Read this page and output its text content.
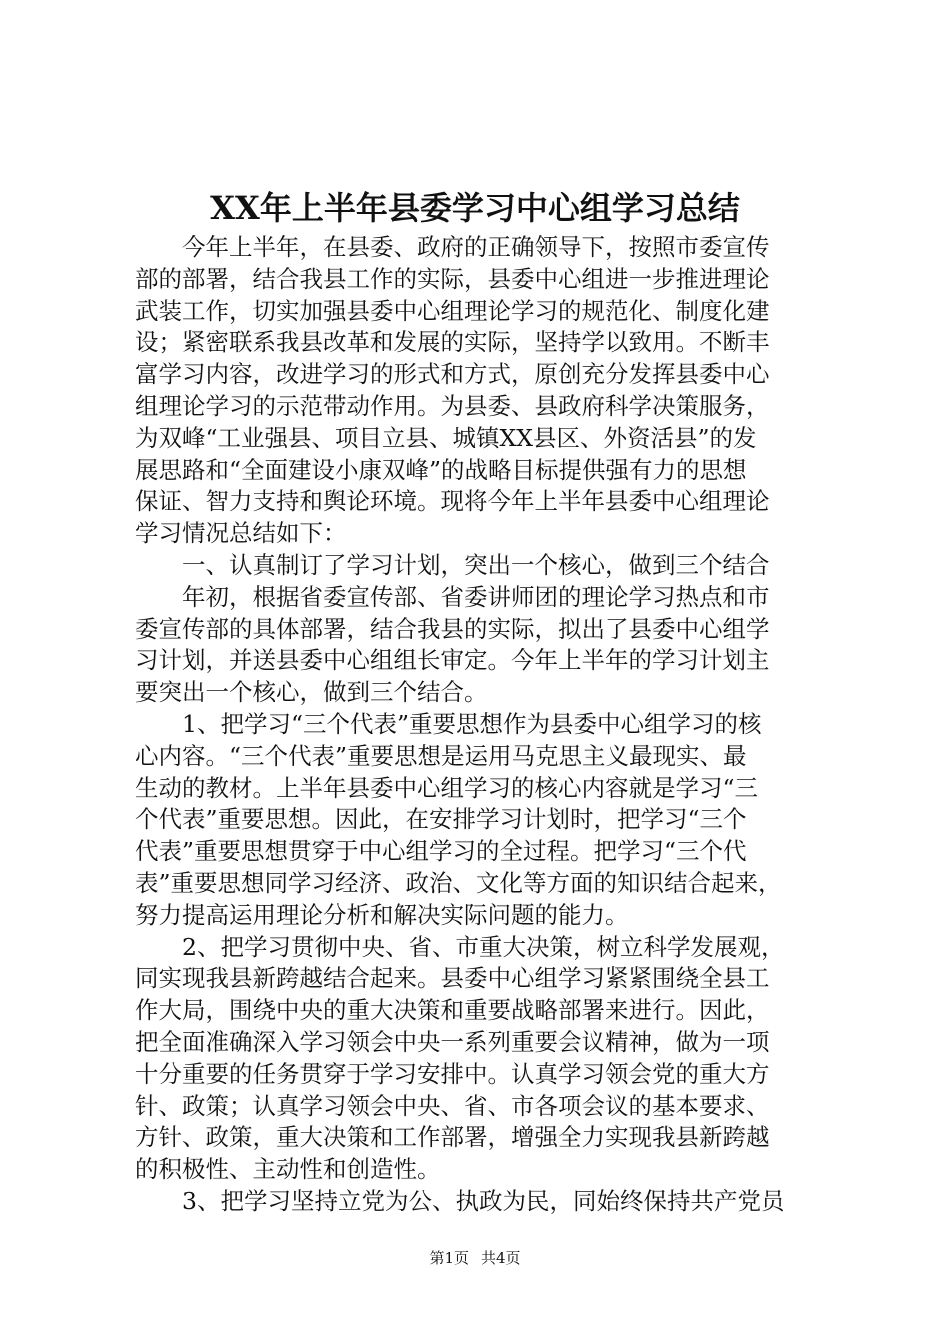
XX年上半年县委学习中心组学习总结
今年上半年，在县委、政府的正确领导下，按照市委宣传
部的部署，结合我县工作的实际，县委中心组进一步推进理论
武装工作，切实加强县委中心组理论学习的规范化、制度化建
设；紧密联系我县改革和发展的实际，坚持学以致用。不断丰
富学习内容，改进学习的形式和方式，原创充分发挥县委中心
组理论学习的示范带动作用。为县委、县政府科学决策服务，
为双峰“工业强县、项目立县、城镇XX县区、外资活县”的发
展思路和“全面建设小康双峰”的战略目标提供强有力的思想
保证、智力支持和舆论环境。现将今年上半年县委中心组理论
学习情况总结如下：
一、认真制订了学习计划，突出一个核心，做到三个结合
年初，根据省委宣传部、省委讲师团的理论学习热点和市
委宣传部的具体部署，结合我县的实际，拟出了县委中心组学
习计划，并送县委中心组组长审定。今年上半年的学习计划主
要突出一个核心，做到三个结合。
1、把学习“三个代表”重要思想作为县委中心组学习的核
心内容。“三个代表”重要思想是运用马克思主义最现实、最
生动的教材。上半年县委中心组学习的核心内容就是学习“三
个代表”重要思想。因此，在安排学习计划时，把学习“三个
代表”重要思想贯穿于中心组学习的全过程。把学习“三个代
表”重要思想同学习经济、政治、文化等方面的知识结合起来，
努力提高运用理论分析和解决实际问题的能力。
2、把学习贯彻中央、省、市重大决策，树立科学发展观，
同实现我县新跨越结合起来。县委中心组学习紧紧围绕全县工
作大局，围绕中央的重大决策和重要战略部署来进行。因此，
把全面准确深入学习领会中央一系列重要会议精神，做为一项
十分重要的任务贯穿于学习安排中。认真学习领会党的重大方
针、政策；认真学习领会中央、省、市各项会议的基本要求、
方针、政策，重大决策和工作部署，增强全力实现我县新跨越
的积极性、主动性和创造性。
3、把学习坚持立党为公、执政为民，同始终保持共产党员
第1页 共4页
